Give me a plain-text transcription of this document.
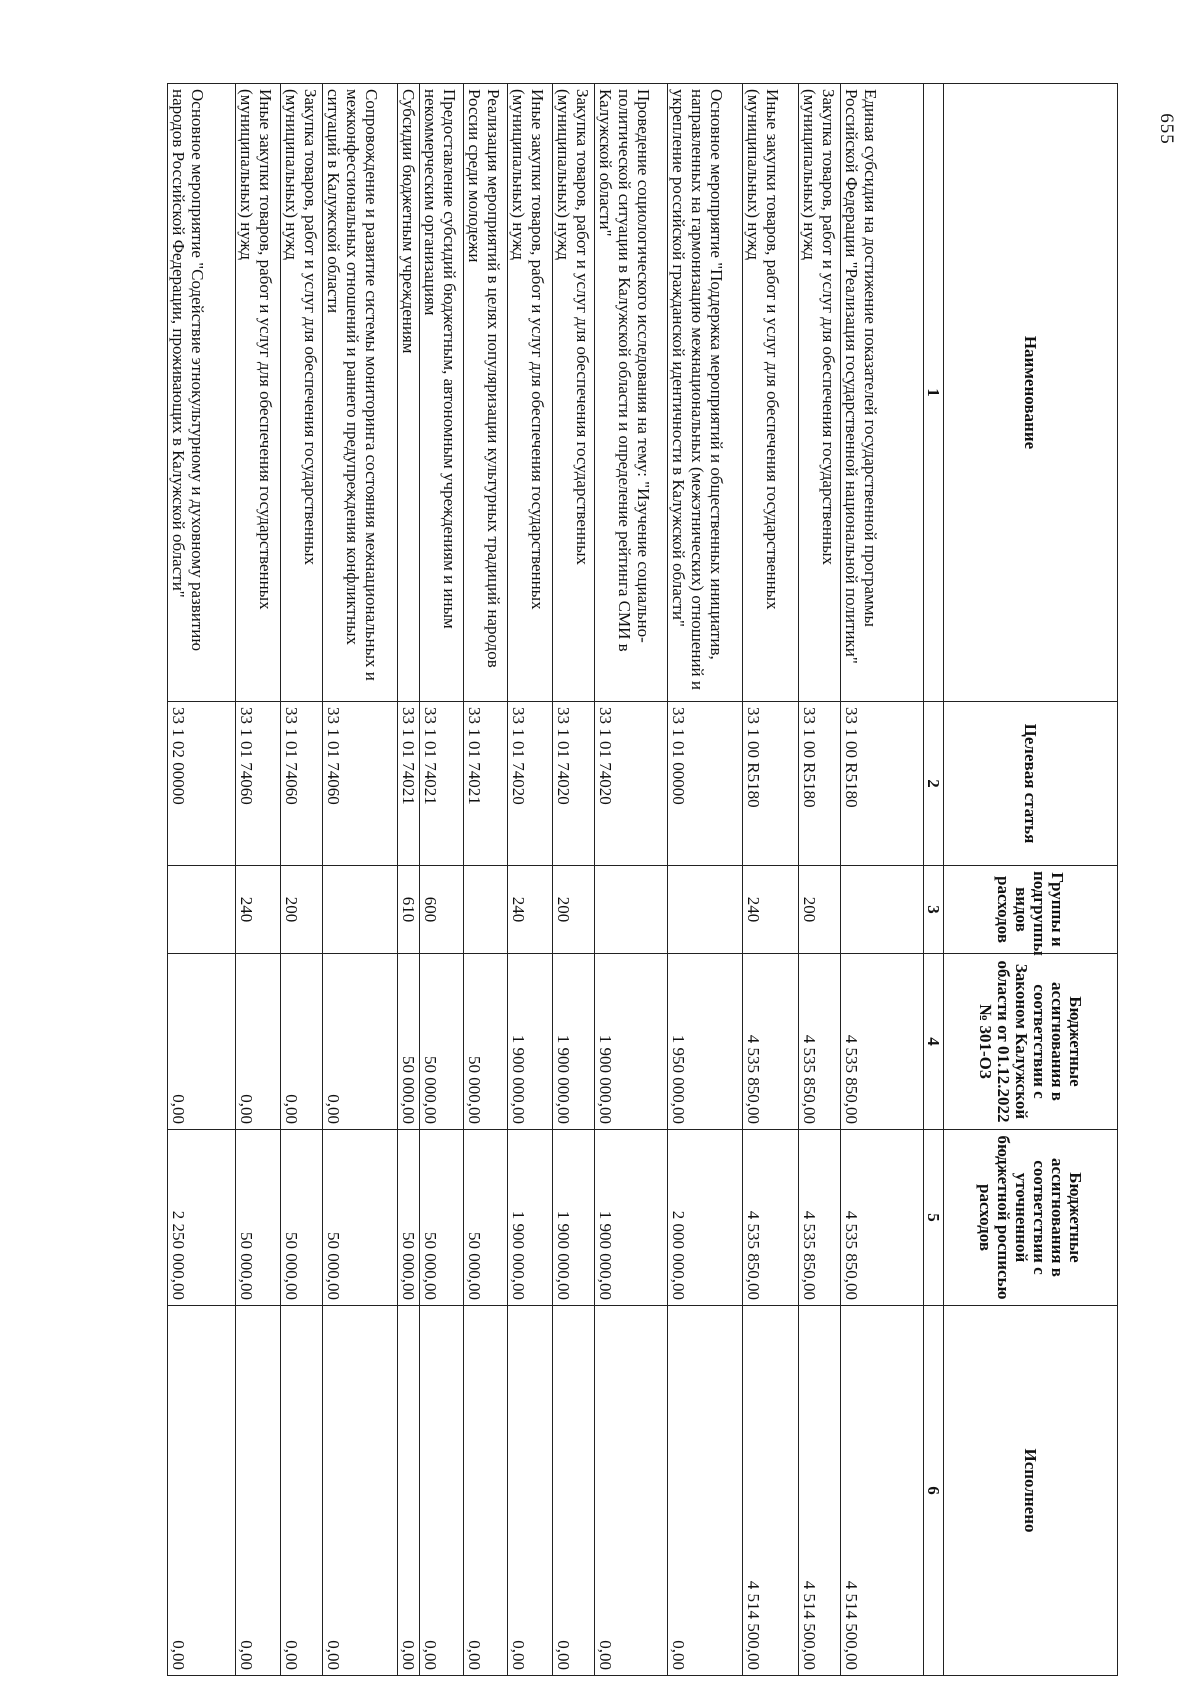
655
Наименование	Целевая статья	Группы и подгруппы видов расходов	Бюджетные ассигнования в соответствии с Законом Калужской области от 01.12.2022 № 301-ОЗ	Бюджетные ассигнования в соответствии с уточненной бюджетной росписью расходов	Исполнено
1	2	3	4	5	6
Единая субсидия на достижение показателей государственной программы Российской Федерации "Реализация государственной национальной политики"	33 1 00 R5180		4 535 850,00	4 535 850,00	4 514 500,00
Закупка товаров, работ и услуг для обеспечения государственных (муниципальных) нужд	33 1 00 R5180	200	4 535 850,00	4 535 850,00	4 514 500,00
Иные закупки товаров, работ и услуг для обеспечения государственных (муниципальных) нужд	33 1 00 R5180	240	4 535 850,00	4 535 850,00	4 514 500,00
Основное мероприятие "Поддержка мероприятий и общественных инициатив, направленных на гармонизацию межнациональных (межэтнических) отношений и укрепление российской гражданской идентичности в Калужской области"	33 1 01 00000		1 950 000,00	2 000 000,00	0,00
Проведение социологического исследования на тему: "Изучение социально-политической ситуации в Калужской области и определение рейтинга СМИ в Калужской области"	33 1 01 74020		1 900 000,00	1 900 000,00	0,00
Закупка товаров, работ и услуг для обеспечения государственных (муниципальных) нужд	33 1 01 74020	200	1 900 000,00	1 900 000,00	0,00
Иные закупки товаров, работ и услуг для обеспечения государственных (муниципальных) нужд	33 1 01 74020	240	1 900 000,00	1 900 000,00	0,00
Реализация мероприятий в целях популяризации культурных традиций народов России среди молодежи	33 1 01 74021		50 000,00	50 000,00	0,00
Предоставление субсидий бюджетным, автономным учреждениям и иным некоммерческим организациям	33 1 01 74021	600	50 000,00	50 000,00	0,00
Субсидии бюджетным учреждениям	33 1 01 74021	610	50 000,00	50 000,00	0,00
Сопровождение и развитие системы мониторинга состояния межнациональных и межконфессиональных отношений и раннего предупреждения конфликтных ситуаций в Калужской области	33 1 01 74060		0,00	50 000,00	0,00
Закупка товаров, работ и услуг для обеспечения государственных (муниципальных) нужд	33 1 01 74060	200	0,00	50 000,00	0,00
Иные закупки товаров, работ и услуг для обеспечения государственных (муниципальных) нужд	33 1 01 74060	240	0,00	50 000,00	0,00
Основное мероприятие "Содействие этнокультурному и духовному развитию народов Российской Федерации, проживающих в Калужской области"	33 1 02 00000		0,00	2 250 000,00	0,00
